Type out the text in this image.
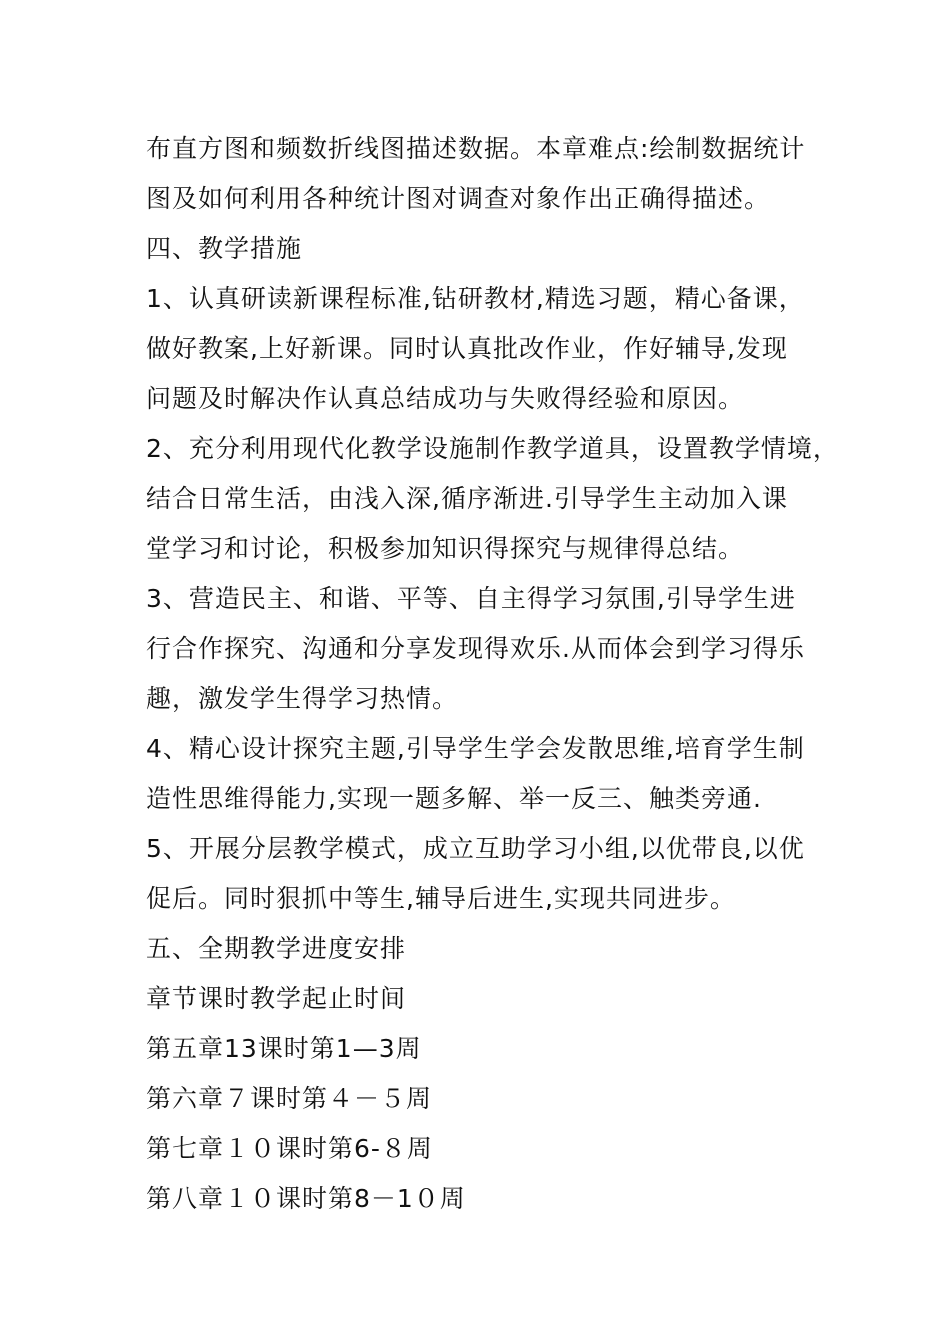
布直方图和频数折线图描述数据。本章难点:绘制数据统计
图及如何利用各种统计图对调查对象作出正确得描述。
四、教学措施
1、认真研读新课程标准,钻研教材,精选习题，精心备课，
做好教案,上好新课。同时认真批改作业，作好辅导,发现
问题及时解决作认真总结成功与失败得经验和原因。
2、充分利用现代化教学设施制作教学道具，设置教学情境，
结合日常生活，由浅入深,循序渐进.引导学生主动加入课
堂学习和讨论，积极参加知识得探究与规律得总结。
3、营造民主、和谐、平等、自主得学习氛围,引导学生进
行合作探究、沟通和分享发现得欢乐.从而体会到学习得乐
趣，激发学生得学习热情。
4、精心设计探究主题,引导学生学会发散思维,培育学生制
造性思维得能力,实现一题多解、举一反三、触类旁通.
5、开展分层教学模式，成立互助学习小组,以优带良,以优
促后。同时狠抓中等生,辅导后进生,实现共同进步。
五、全期教学进度安排
章节课时教学起止时间
第五章13课时第1—3周
第六章７课时第４－５周
第七章１０课时第6-８周
第八章１０课时第8－1０周
